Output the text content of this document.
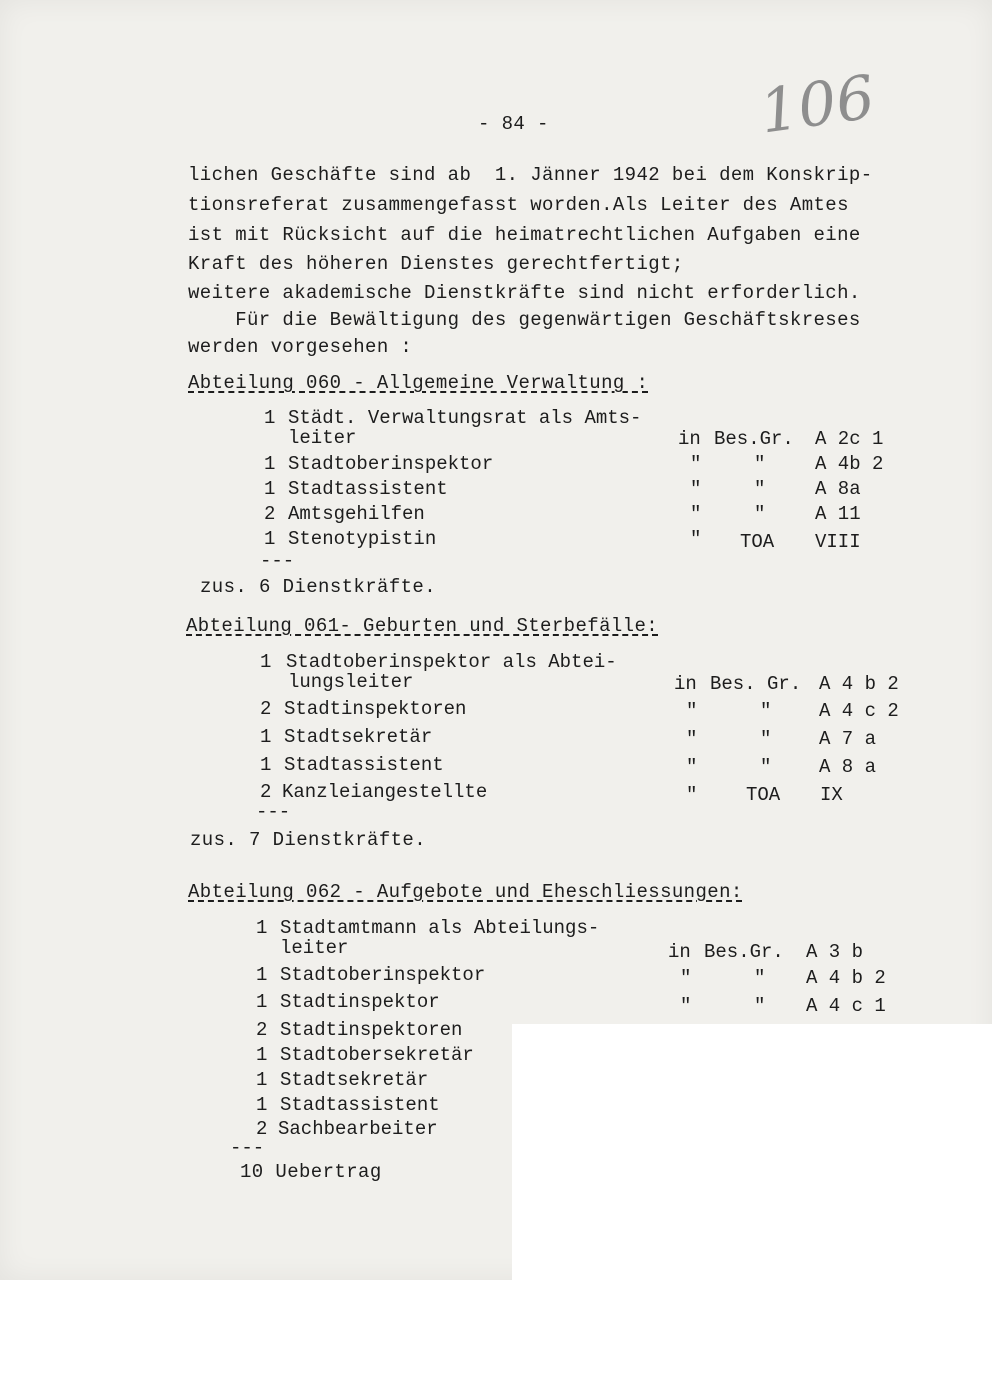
106
- 84 -
lichen Geschäfte sind ab  1. Jänner 1942 bei dem Konskrip-
tionsreferat zusammengefasst worden.Als Leiter des Amtes
ist mit Rücksicht auf die heimatrechtlichen Aufgaben eine
Kraft des höheren Dienstes gerechtfertigt;
weitere akademische Dienstkräfte sind nicht erforderlich.
Für die Bewältigung des gegenwärtigen Geschäftskreses
werden vorgesehen :
Abteilung 060 - Allgemeine Verwaltung :
1 Städt. Verwaltungsrat als Amts-
leiter	in Bes.Gr. A 2c 1
1 Stadtoberinspektor	"	"	A 4b 2
1 Stadtassistent	"	"	A 8a
2 Amtsgehilfen	"	"	A 11
1 Stenotypistin	" TOA VIII
---
zus. 6 Dienstkräfte.
Abteilung 061- Geburten und Sterbefälle:
1 Stadtoberinspektor als Abtei-
lungsleiter	in Bes. Gr. A 4 b 2
2 Stadtinspektoren	"	"	A 4 c 2
1 Stadtsekretär	"	"	A 7 a
1 Stadtassistent	"	"	A 8 a
2 Kanzleiangestellte	"	TOA IX
---
zus. 7 Dienstkräfte.
Abteilung 062 - Aufgebote und Eheschliessungen:
1 Stadtamtmann als Abteilungs-
leiter	in Bes.Gr. A 3 b
1 Stadtoberinspektor	"	" A 4 b 2
1 Stadtinspektor	"	" A 4 c 1
2 Stadtinspektoren
1 Stadtobersekretär
1 Stadtsekretär
1 Stadtassistent
2 Sachbearbeiter
---
10 Uebertrag
